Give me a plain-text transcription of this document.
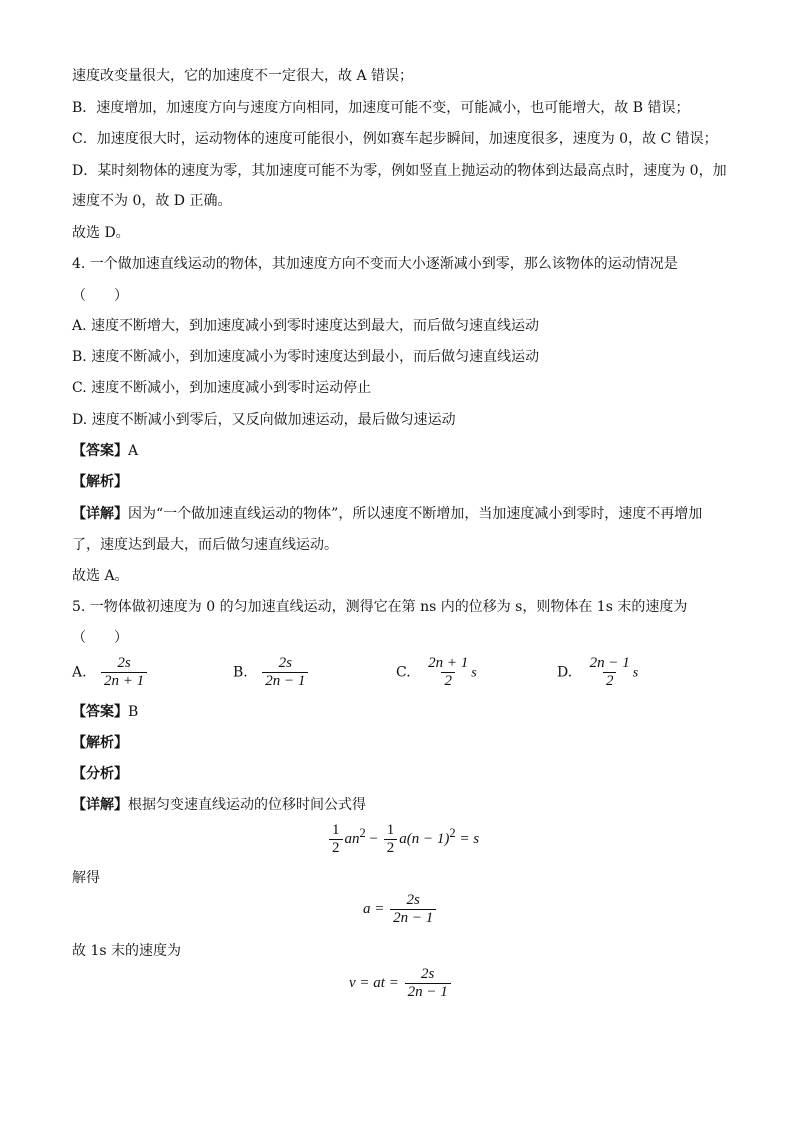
速度改变量很大，它的加速度不一定很大，故 A 错误；
B．速度增加，加速度方向与速度方向相同，加速度可能不变，可能减小，也可能增大，故 B 错误；
C．加速度很大时，运动物体的速度可能很小，例如赛车起步瞬间，加速度很多，速度为 0，故 C 错误；
D．某时刻物体的速度为零，其加速度可能不为零，例如竖直上抛运动的物体到达最高点时，速度为 0，加
速度不为 0，故 D 正确。
故选 D。
4. 一个做加速直线运动的物体，其加速度方向不变而大小逐渐减小到零，那么该物体的运动情况是
（　　）
A. 速度不断增大，到加速度减小到零时速度达到最大，而后做匀速直线运动
B. 速度不断减小，到加速度减小为零时速度达到最小，而后做匀速直线运动
C. 速度不断减小，到加速度减小到零时运动停止
D. 速度不断减小到零后，又反向做加速运动，最后做匀速运动
【答案】A
【解析】
【详解】因为“一个做加速直线运动的物体”，所以速度不断增加，当加速度减小到零时，速度不再增加
了，速度达到最大，而后做匀速直线运动。
故选 A。
5. 一物体做初速度为 0 的匀加速直线运动，测得它在第 ns 内的位移为 s，则物体在 1s 末的速度为
（　　）
A. $\frac{2s}{2n + 1}$	B. $\frac{2s}{2n - 1}$	C. $\frac{2n + 1}{2}$ s	D. $\frac{2n - 1}{2}$ s
【答案】B
【解析】
【分析】
【详解】根据匀变速直线运动的位移时间公式得
$\frac{1}{2} an^2 - \frac{1}{2} a(n - 1)^2 = s$
解得
$a = \frac{2s}{2n - 1}$
故 1s 末的速度为
v = at = $\frac{2s}{2n - 1}$
